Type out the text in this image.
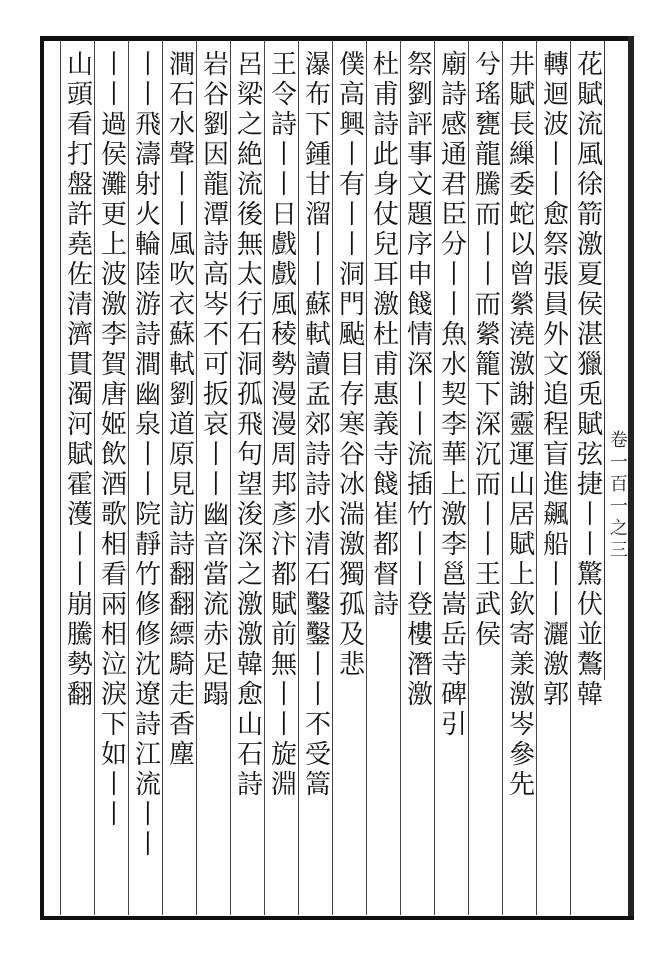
卷一百一之三
花賦流風徐箭激夏侯湛獵兎賦弦捷丨丨驚伏並鷔韓
轉迴波丨丨愈祭張員外文追程盲進飆船丨丨灑激郭
井賦長繅委蛇以曾縈澆激謝靈運山居賦上欽寄羕激岑參先
兮瑤甕龍騰而丨丨而縈籠下深沉而丨丨王武侯
廟詩感通君臣分丨丨魚水契李華上激李邕嵩岳寺碑引
祭劉評事文題序申餞情深丨丨流插竹丨丨登樓潛激
杜甫詩此身仗兒耳激杜甫惠義寺餞崔都督詩
僕高興丨有丨丨洞門颭目存寒谷冰湍激獨孤及悲
瀑布下鍾甘溜丨丨蘇軾讀孟郊詩詩水清石鑿鑿丨丨不受篙
王令詩丨丨日戲戲風稜勢漫漫周邦彥汴都賦前無丨丨旋淵
呂梁之絶流後無太行石洞孤飛句望浚深之激激韓愈山石詩
岩谷劉因龍潭詩高岑不可扳哀丨丨幽音當流赤足蹋
澗石水聲丨丨風吹衣蘇軾劉道原見訪詩翻翻縹騎走香塵
丨丨飛濤射火輪陸游詩澗幽泉丨丨院靜竹修修沈遼詩江流丨丨
丨丨過侯灘更上波激李賀唐姬飲酒歌相看兩相泣淚下如丨丨
山頭看打盤許堯佐清濟貫濁河賦霍濩丨丨崩騰勢翻
